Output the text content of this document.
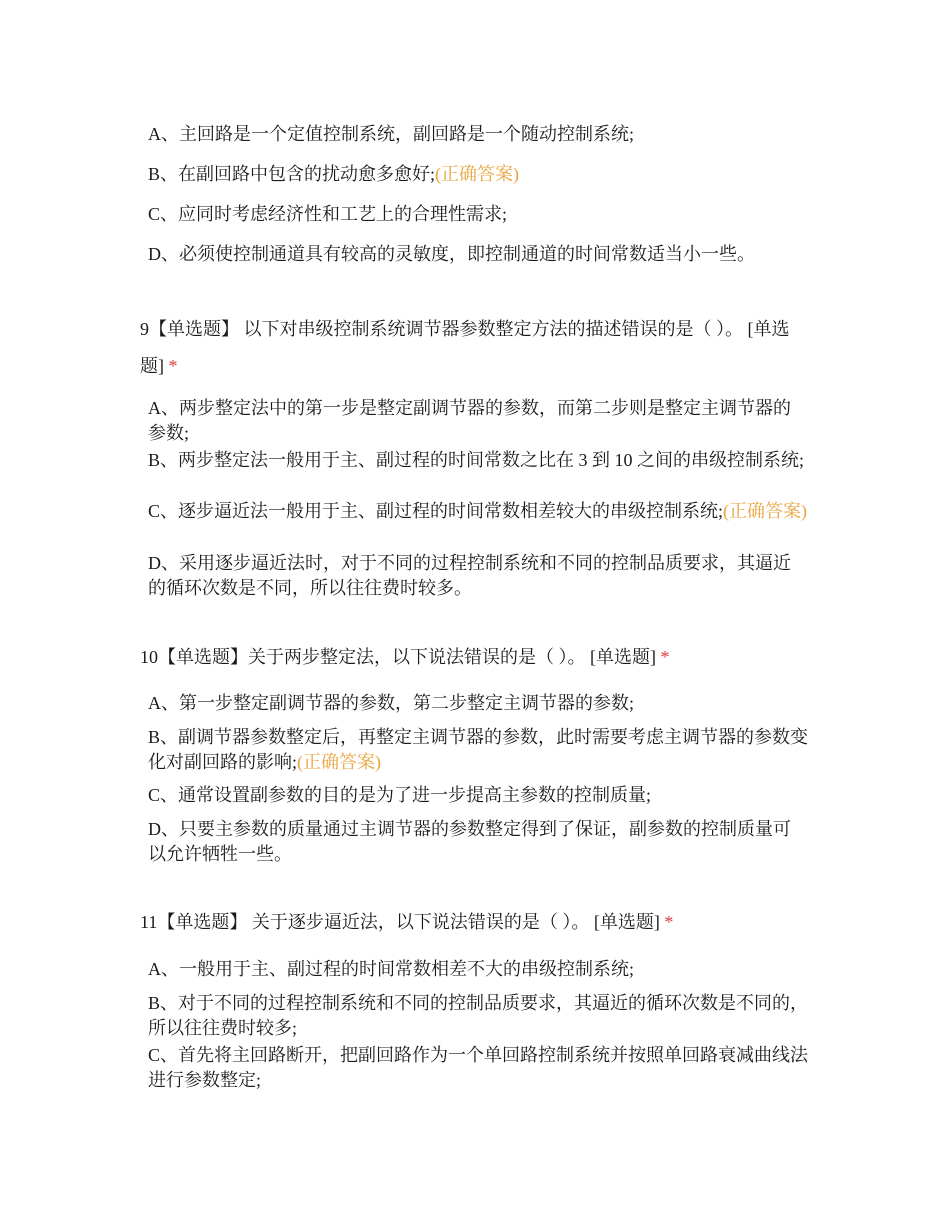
A、主回路是一个定值控制系统，副回路是一个随动控制系统;

B、在副回路中包含的扰动愈多愈好;(正确答案)

C、应同时考虑经济性和工艺上的合理性需求;

D、必须使控制通道具有较高的灵敏度，即控制通道的时间常数适当小一些。

9【单选题】 以下对串级控制系统调节器参数整定方法的描述错误的是（ ）。 [单选题] *

A、两步整定法中的第一步是整定副调节器的参数，而第二步则是整定主调节器的参数;

B、两步整定法一般用于主、副过程的时间常数之比在 3 到 10 之间的串级控制系统;

C、逐步逼近法一般用于主、副过程的时间常数相差较大的串级控制系统;(正确答案)

D、采用逐步逼近法时，对于不同的过程控制系统和不同的控制品质要求，其逼近的循环次数是不同，所以往往费时较多。

10【单选题】关于两步整定法，以下说法错误的是（ ）。 [单选题] *

A、第一步整定副调节器的参数，第二步整定主调节器的参数;

B、副调节器参数整定后，再整定主调节器的参数，此时需要考虑主调节器的参数变化对副回路的影响;(正确答案)

C、通常设置副参数的目的是为了进一步提高主参数的控制质量;

D、只要主参数的质量通过主调节器的参数整定得到了保证，副参数的控制质量可以允许牺牲一些。

11【单选题】 关于逐步逼近法，以下说法错误的是（ ）。 [单选题] *

A、一般用于主、副过程的时间常数相差不大的串级控制系统;

B、对于不同的过程控制系统和不同的控制品质要求，其逼近的循环次数是不同的，所以往往费时较多;

C、首先将主回路断开，把副回路作为一个单回路控制系统并按照单回路衰减曲线法进行参数整定;
